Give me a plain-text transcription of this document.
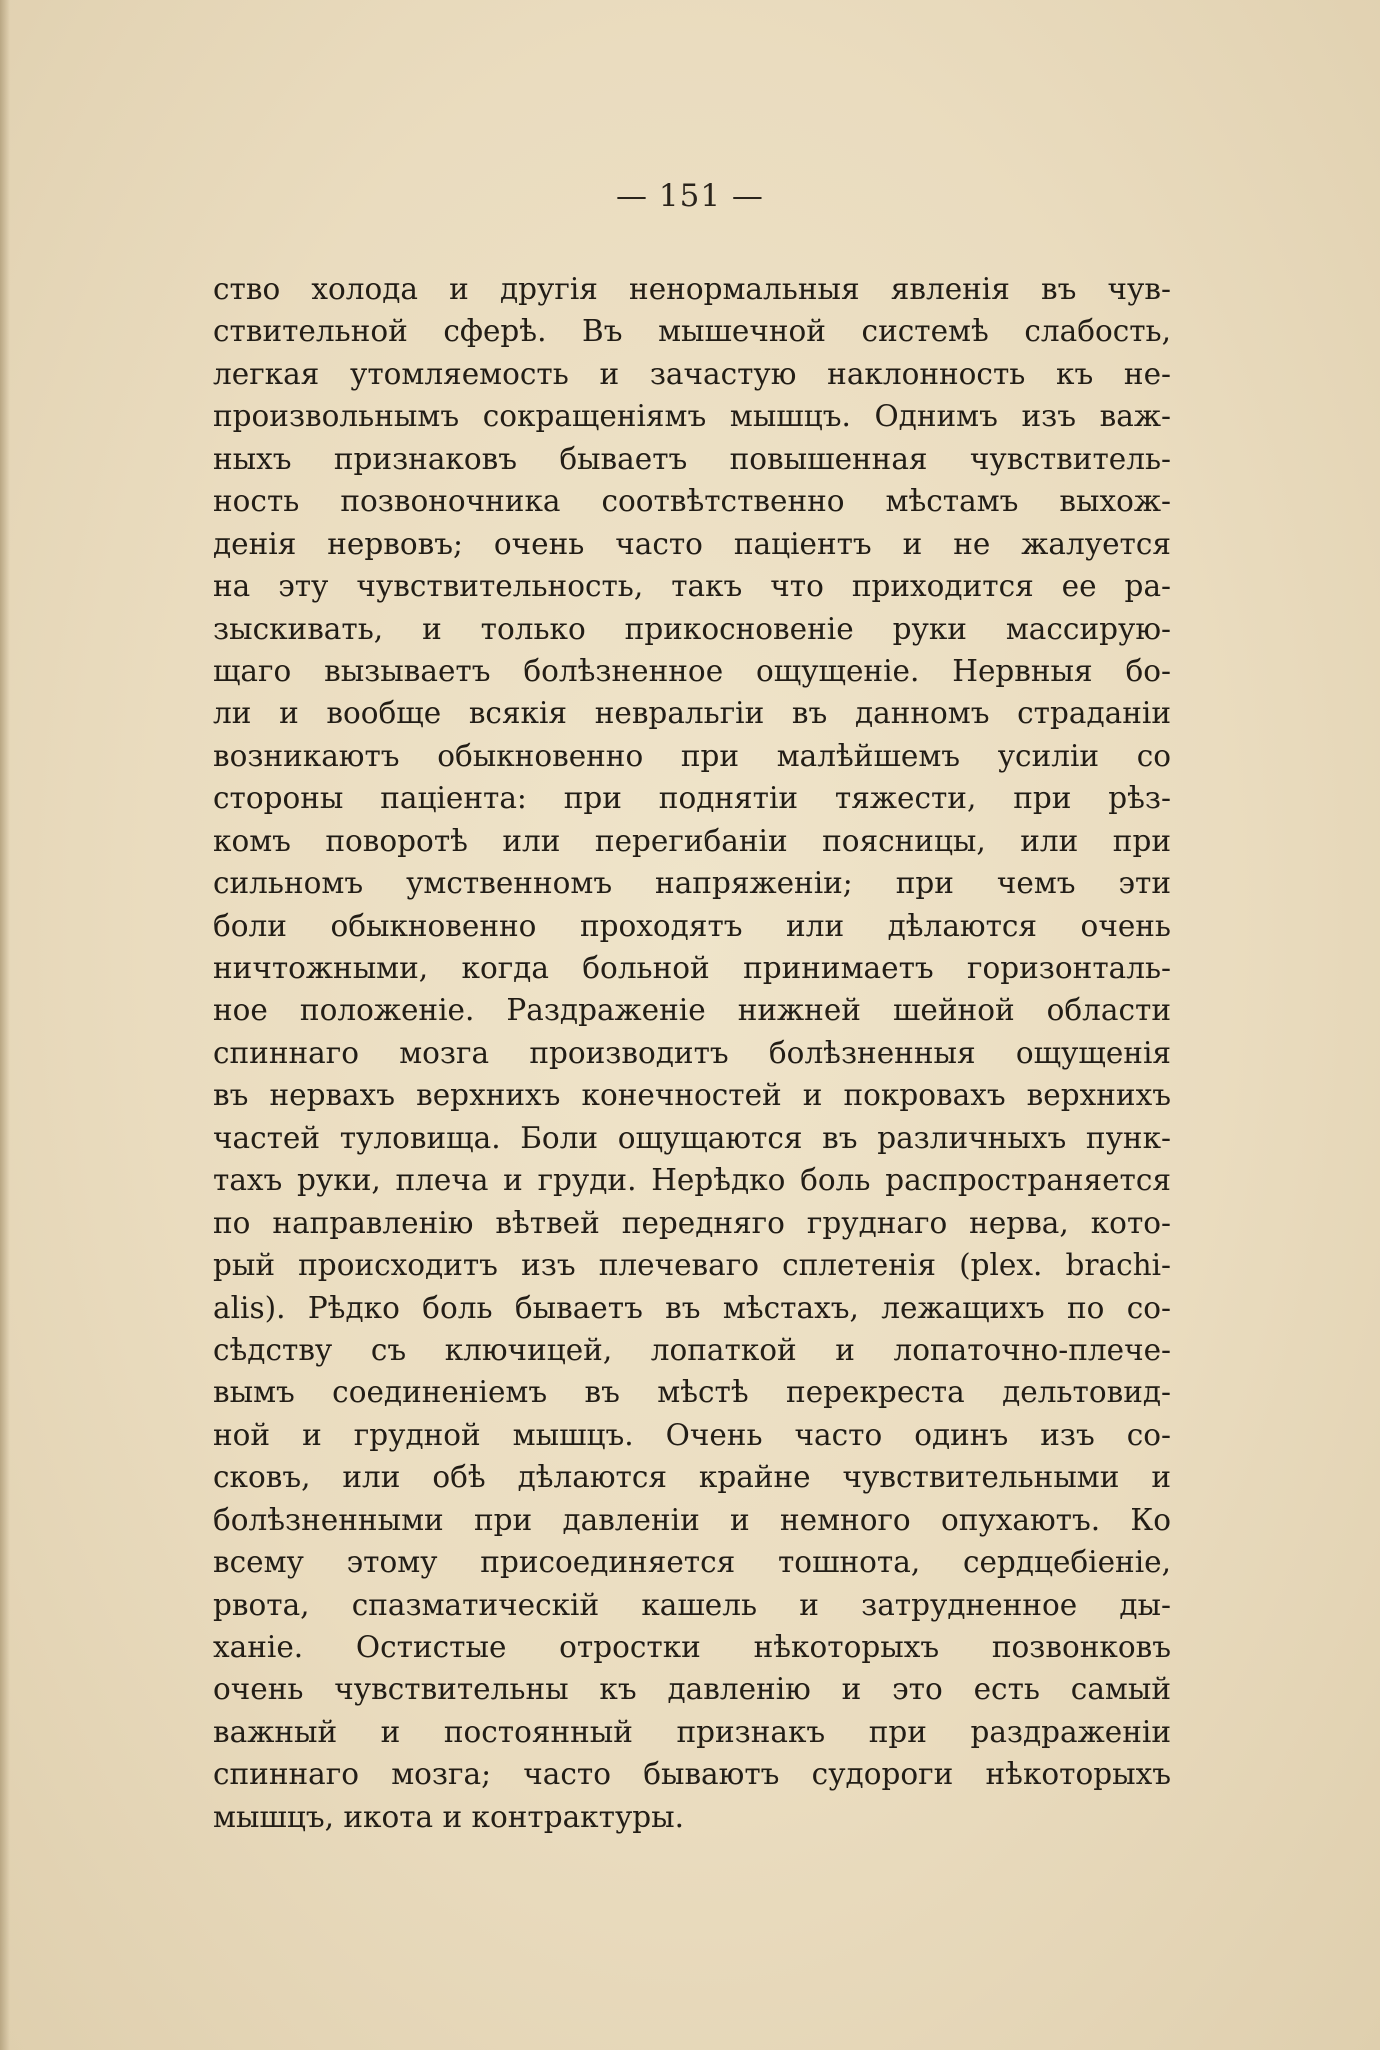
— 151 —
ство холода и другія ненормальныя явленія въ чув-
ствительной сферѣ. Въ мышечной системѣ слабость,
легкая утомляемость и зачастую наклонность къ не-
произвольнымъ сокращеніямъ мышцъ. Однимъ изъ важ-
ныхъ признаковъ бываетъ повышенная чувствитель-
ность позвоночника соотвѣтственно мѣстамъ выхож-
денія нервовъ; очень часто паціентъ и не жалуется
на эту чувствительность, такъ что приходится ее ра-
зыскивать, и только прикосновеніе руки массирую-
щаго вызываетъ болѣзненное ощущеніе. Нервныя бо-
ли и вообще всякія невральгіи въ данномъ страданіи
возникаютъ обыкновенно при малѣйшемъ усиліи со
стороны паціента: при поднятіи тяжести, при рѣз-
комъ поворотѣ или перегибаніи поясницы, или при
сильномъ умственномъ напряженіи; при чемъ эти
боли обыкновенно проходятъ или дѣлаются очень
ничтожными, когда больной принимаетъ горизонталь-
ное положеніе. Раздраженіе нижней шейной области
спиннаго мозга производитъ болѣзненныя ощущенія
въ нервахъ верхнихъ конечностей и покровахъ верхнихъ
частей туловища. Боли ощущаются въ различныхъ пунк-
тахъ руки, плеча и груди. Нерѣдко боль распространяется
по направленію вѣтвей передняго груднаго нерва, кото-
рый происходитъ изъ плечеваго сплетенія (plex. brachi-
alis). Рѣдко боль бываетъ въ мѣстахъ, лежащихъ по со-
сѣдству съ ключицей, лопаткой и лопаточно-плече-
вымъ соединеніемъ въ мѣстѣ перекреста дельтовид-
ной и грудной мышцъ. Очень часто одинъ изъ со-
сковъ, или обѣ дѣлаются крайне чувствительными и
болѣзненными при давленіи и немного опухаютъ. Ко
всему этому присоединяется тошнота, сердцебіеніе,
рвота, спазматическій кашель и затрудненное ды-
ханіе. Остистые отростки нѣкоторыхъ позвонковъ
очень чувствительны къ давленію и это есть самый
важный и постоянный признакъ при раздраженіи
спиннаго мозга; часто бываютъ судороги нѣкоторыхъ
мышцъ, икота и контрактуры.
